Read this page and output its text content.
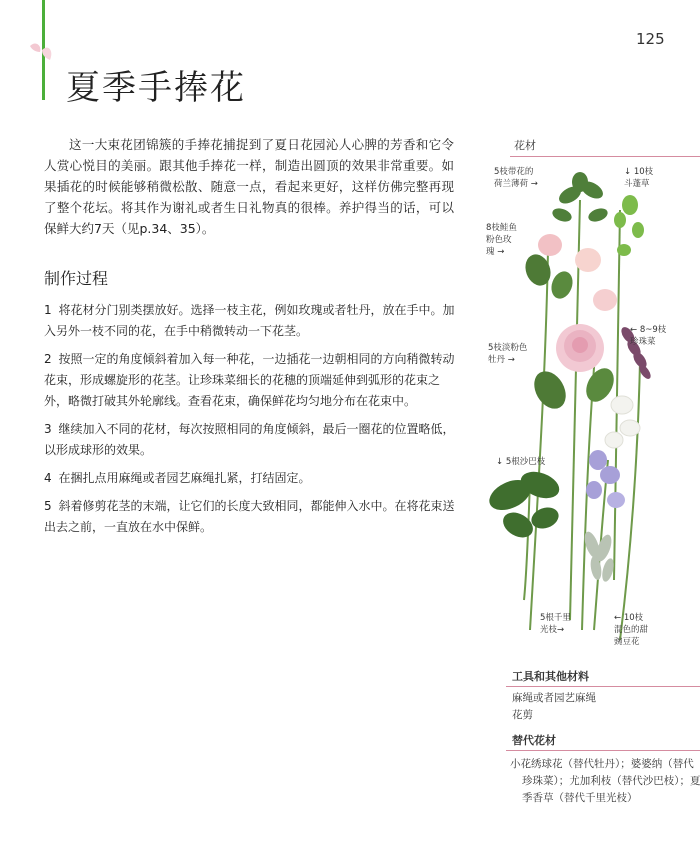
125
夏季手捧花

这一大束花团锦簇的手捧花捕捉到了夏日花园沁人心脾的芳香和它令人赏心悦目的美丽。跟其他手捧花一样，制造出圆顶的效果非常重要。如果插花的时候能够稍微松散、随意一点，看起来更好，这样仿佛完整再现了整个花坛。将其作为谢礼或者生日礼物真的很棒。养护得当的话，可以保鲜大约7天（见p.34、35）。

制作过程
1 将花材分门别类摆放好。选择一枝主花，例如玫瑰或者牡丹，放在手中。加入另外一枝不同的花，在手中稍微转动一下花茎。
2 按照一定的角度倾斜着加入每一种花，一边插花一边朝相同的方向稍微转动花束，形成螺旋形的花茎。让珍珠菜细长的花穗的顶端延伸到弧形的花束之外，略微打破其外轮廓线。查看花束，确保鲜花均匀地分布在花束中。
3 继续加入不同的花材，每次按照相同的角度倾斜，最后一圈花的位置略低，以形成球形的效果。
4 在捆扎点用麻绳或者园艺麻绳扎紧，打结固定。
5 斜着修剪花茎的末端，让它们的长度大致相同，都能伸入水中。在将花束送出去之前，一直放在水中保鲜。
花材
5枝带花的
荷兰薄荷 →
↓ 10枝
斗蓬草
8枝鲑鱼
粉色玫
瑰 →
← 8~9枝
珍珠菜
5枝淡粉色
牡丹 →
↓ 5根沙巴枝
5根千里
光枝→
← 10枝
混色的甜
豌豆花
工具和其他材料
麻绳或者园艺麻绳
花剪
替代花材
小花绣球花（替代牡丹）；婆婆纳（替代珍珠菜）；尤加利枝（替代沙巴枝）；夏季香草（替代千里光枝）
